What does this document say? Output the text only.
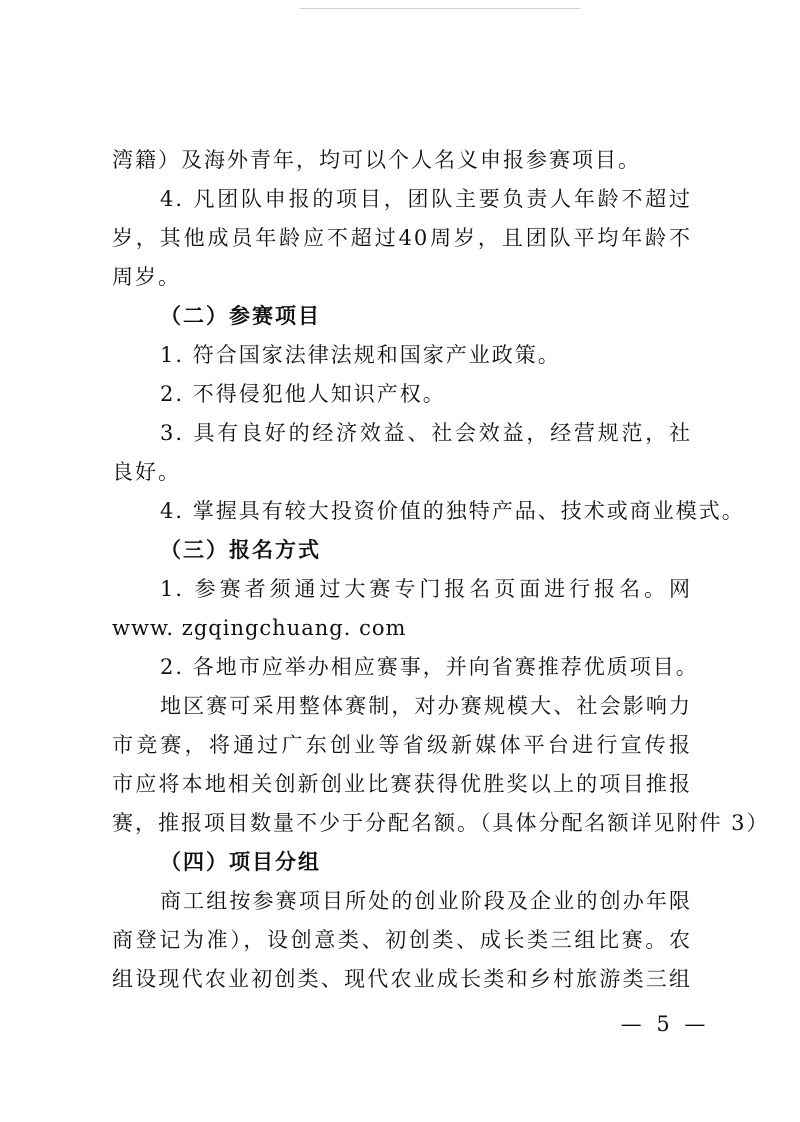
湾籍）及海外青年，均可以个人名义申报参赛项目。
4. 凡团队申报的项目，团队主要负责人年龄不超过
岁，其他成员年龄应不超过40周岁，且团队平均年龄不
周岁。
（二）参赛项目
1. 符合国家法律法规和国家产业政策。
2. 不得侵犯他人知识产权。
3. 具有良好的经济效益、社会效益，经营规范，社
良好。
4. 掌握具有较大投资价值的独特产品、技术或商业模式。
（三）报名方式
1. 参赛者须通过大赛专门报名页面进行报名。网
www. zgqingchuang. com
2. 各地市应举办相应赛事，并向省赛推荐优质项目。
地区赛可采用整体赛制，对办赛规模大、社会影响力
市竞赛，将通过广东创业等省级新媒体平台进行宣传报
市应将本地相关创新创业比赛获得优胜奖以上的项目推报
赛，推报项目数量不少于分配名额。（具体分配名额详见附件 3）
（四）项目分组
商工组按参赛项目所处的创业阶段及企业的创办年限
商登记为准），设创意类、初创类、成长类三组比赛。农
组设现代农业初创类、现代农业成长类和乡村旅游类三组
— 5 —
